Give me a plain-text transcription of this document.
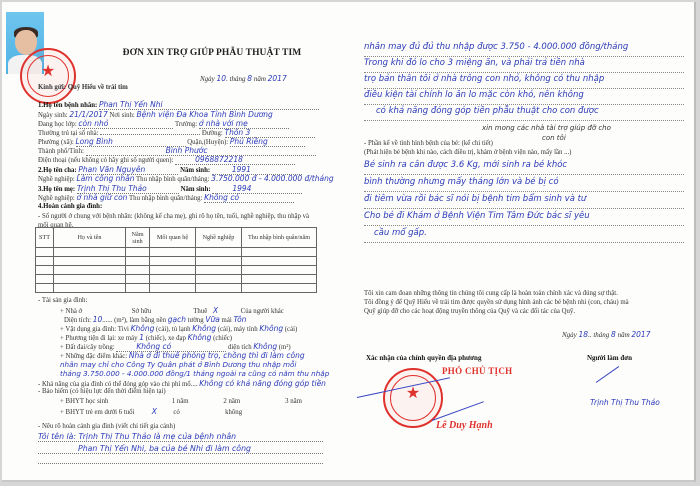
★
ĐƠN XIN TRỢ GIÚP PHẪU THUẬT TIM
Ngày 10. tháng 8 năm 2017
Kính gửi: Quỹ Hiểu về trái tim
1.Họ tên bệnh nhân: Phan Thị Yến Nhi
Ngày sinh: 21/1/2017 Nơi sinh: Bệnh viện Đa Khoa Tỉnh Bình Dương
Đang học lớp: còn nhỏ	Trường: ở nhà với mẹ
Thường trú tại số nhà:	Đường: Thôn 3
Phường (xã): Long Bình	Quận,(Huyện): Phú Riềng
Thành phố/Tỉnh:	Bình Phước
Điện thoại (nếu không có hãy ghi số người quen):	0968872218
2.Họ tên cha: Phan Văn Nguyên	Năm sinh:	1991
Nghề nghiệp: Làm công nhân Thu nhập bình quân/tháng: 3.750.000 đ - 4.000.000 đ/tháng
3.Họ tên mẹ: Trịnh Thị Thu Thảo	Năm sinh:	1994
Nghề nghiệp: ở nhà giữ con Thu nhập bình quân/tháng: Không có
4.Hoàn cảnh gia đình:
- Số người ở chung với bệnh nhân: (không kể cha mẹ), ghi rõ họ tên, tuổi, nghề nghiệp, thu nhập và mối quan hệ.
STT	Họ và tên	Năm sinh	Mối quan hệ	Nghề nghiệp	Thu nhập bình quân/năm

- Tài sản gia đình:
+ Nhà ở	Sở hữu	Thuê X	Của người khác
Diện tích: 10...... (m²), làm bằng nền gạch tường Vữa mái Tôn
+ Vật dụng gia đình: Tivi Không (cái), tủ lạnh Không (cái), máy tính Không (cái)
+ Phương tiện đi lại: xe máy 1 (chiếc), xe đạp Không (chiếc)
+ Đất đai/cây trồng:	Không có	diện tích Không (m²)
+ Những đặc điểm khác: Nhà ở đi thuê phòng trọ, chồng thì đi làm công
nhân may chỉ cho Công Ty Quân phát ở Bình Dương thu nhập mỗi
tháng 3.750.000 - 4.000.000 đồng/1 tháng ngoài ra cũng có năm thu nhập
- Khả năng của gia đình có thể đóng góp vào chi phí mổ.... Không có khả năng đóng góp tiền
- Bảo hiểm (có hiệu lực đến thời điểm hiện tại)
+ BHYT học sinh	1 năm	2 năm	3 năm
+ BHYT trẻ em dưới 6 tuổi X có	không
- Nêu rõ hoàn cảnh gia đình (viết chi tiết gia cảnh)
Tôi tên là: Trịnh Thị Thu Thảo là mẹ của bệnh nhân
Phan Thị Yến Nhi, ba của bé Nhi đi làm công
nhân may đủ đủ thu nhập được 3.750 - 4.000.000 đồng/tháng
Trong khi đó lo cho 3 miệng ăn, và phải trả tiền nhà
trọ bản thân tôi ở nhà trông con nhỏ, không có thu nhập
điều kiện tài chính lo ăn lo mặc còn khó, nên không
có khả năng đóng góp tiền phẫu thuật cho con được
xin mong các nhà tài trợ giúp đỡ cho
con tôi
- Phần kể về tình hình bệnh của bé: (kể chi tiết)
(Phát hiện bé bệnh khi nào, cách điều trị, khám ở bệnh viện nào, mấy lần ...)
Bé sinh ra cân được 3.6 Kg, mới sinh ra bé khóc
bình thường nhưng mấy tháng lớn và bé bị có
đi tiêm vừa rồi bác sĩ nói bị bệnh tim bẩm sinh và tư
Cho bé đi Khám ở Bệnh Viện Tim Tâm Đức bác sĩ yêu
cầu mổ gấp.
Tôi xin cam đoan những thông tin chúng tôi cung cấp là hoàn toàn chính xác và đúng sự thật.
Tôi đồng ý để Quỹ Hiểu về trái tim được quyền sử dụng hình ảnh các bé bệnh nhi (con, cháu) mà
Quỹ giúp đỡ cho các hoạt động truyền thông của Quỹ và các đối tác của Quỹ.
Ngày 18.. tháng 8 năm 2017
Xác nhận của chính quyền địa phương	Người làm đơn
★
PHÓ CHỦ TỊCH
Lê Duy Hạnh
Trịnh Thị Thu Thảo
